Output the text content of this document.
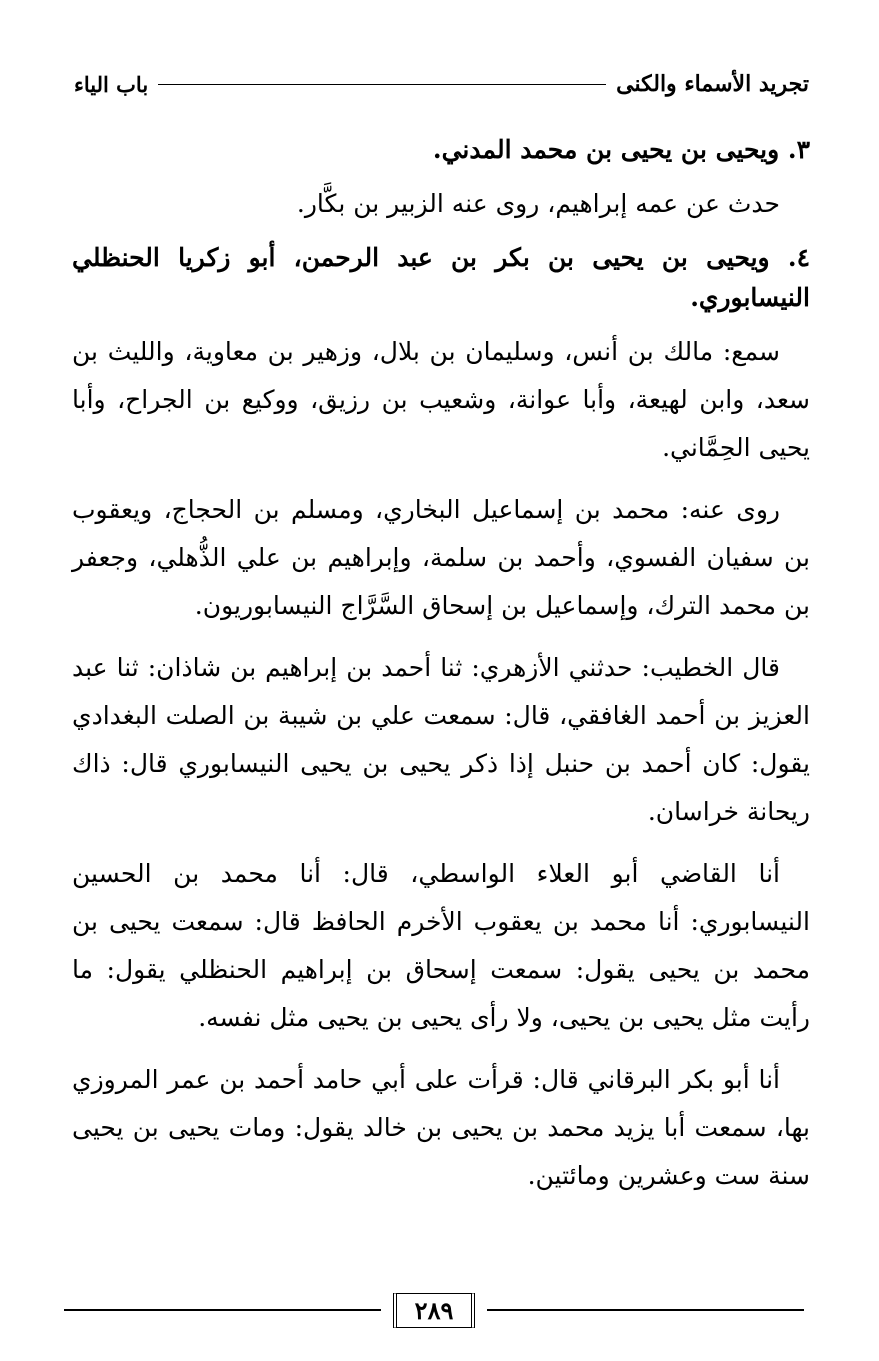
تجريد الأسماء والكنى
باب الياء
٣. ويحيى بن يحيى بن محمد المدني.

حدث عن عمه إبراهيم، روى عنه الزبير بن بكَّار.

٤. ويحيى بن يحيى بن بكر بن عبد الرحمن، أبو زكريا الحنظلي النيسابوري.

سمع: مالك بن أنس، وسليمان بن بلال، وزهير بن معاوية، والليث بن سعد، وابن لهيعة، وأبا عوانة، وشعيب بن رزيق، ووكيع بن الجراح، وأبا يحيى الحِمَّاني.

روى عنه: محمد بن إسماعيل البخاري، ومسلم بن الحجاج، ويعقوب بن سفيان الفسوي، وأحمد بن سلمة، وإبراهيم بن علي الذُّهلي، وجعفر بن محمد الترك، وإسماعيل بن إسحاق السَّرَّاج النيسابوريون.

قال الخطيب: حدثني الأزهري: ثنا أحمد بن إبراهيم بن شاذان: ثنا عبد العزيز بن أحمد الغافقي، قال: سمعت علي بن شيبة بن الصلت البغدادي يقول: كان أحمد بن حنبل إذا ذكر يحيى بن يحيى النيسابوري قال: ذاك ريحانة خراسان.

أنا القاضي أبو العلاء الواسطي، قال: أنا محمد بن الحسين النيسابوري: أنا محمد بن يعقوب الأخرم الحافظ قال: سمعت يحيى بن محمد بن يحيى يقول: سمعت إسحاق بن إبراهيم الحنظلي يقول: ما رأيت مثل يحيى بن يحيى، ولا رأى يحيى بن يحيى مثل نفسه.

أنا أبو بكر البرقاني قال: قرأت على أبي حامد أحمد بن عمر المروزي بها، سمعت أبا يزيد محمد بن يحيى بن خالد يقول: ومات يحيى بن يحيى سنة ست وعشرين ومائتين.

٢٨٩
